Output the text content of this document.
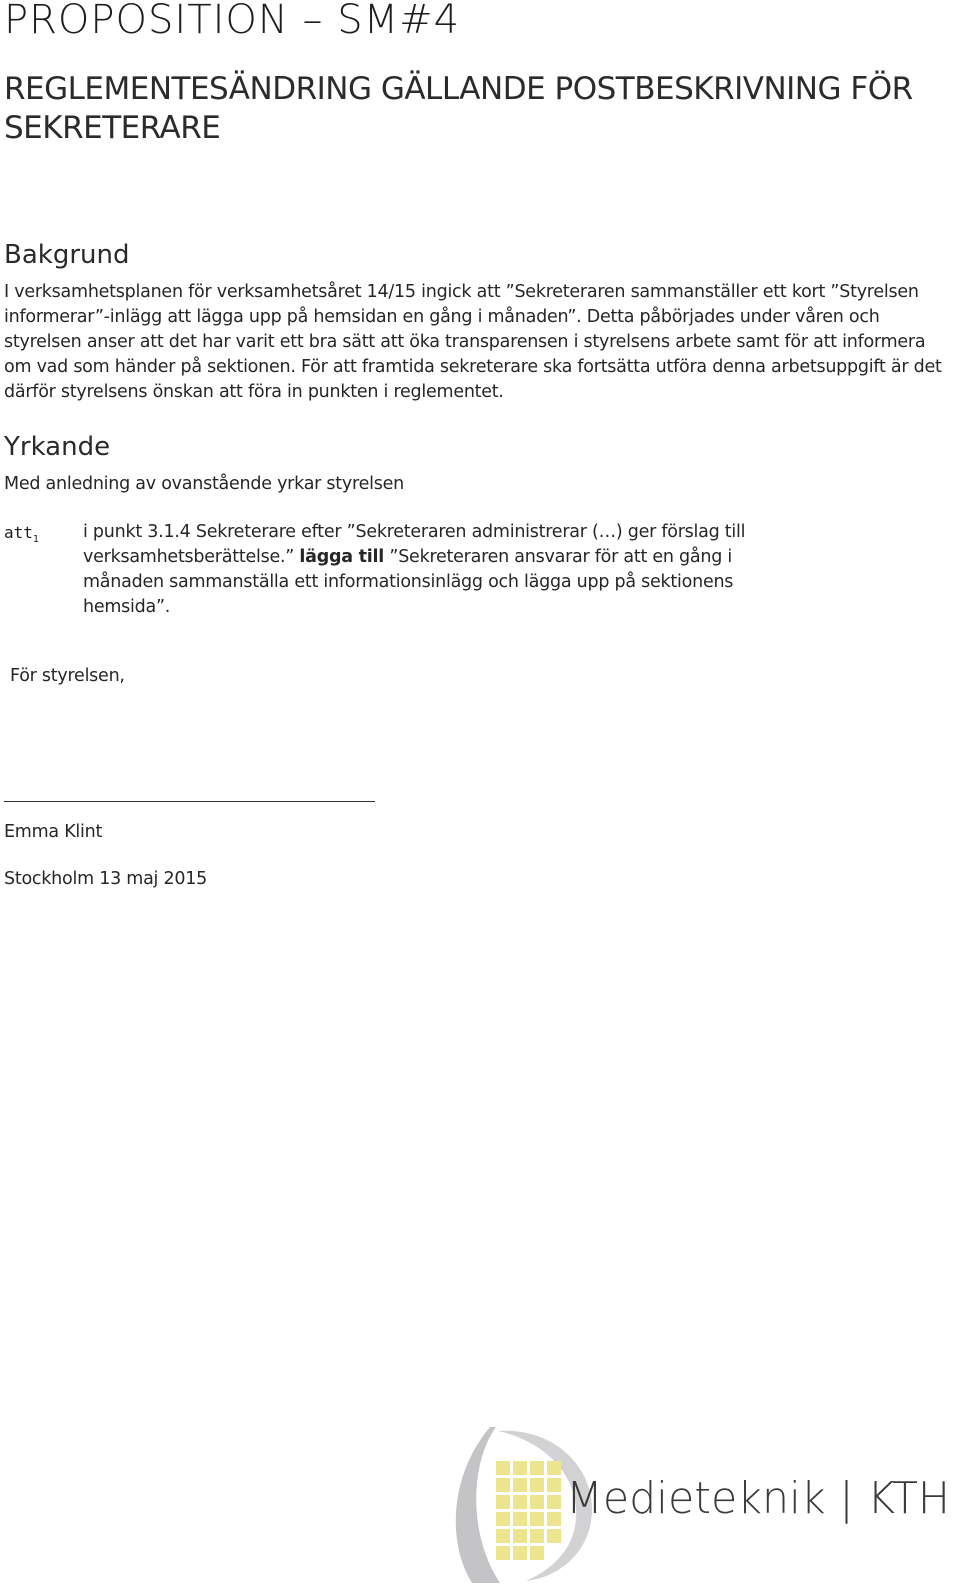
PROPOSITION – SM#4
REGLEMENTESÄNDRING GÄLLANDE POSTBESKRIVNING FÖR SEKRETERARE
Bakgrund

I verksamhetsplanen för verksamhetsåret 14/15 ingick att ”Sekreteraren sammanställer ett kort ”Styrelsen informerar”-inlägg att lägga upp på hemsidan en gång i månaden”. Detta påbörjades under våren och styrelsen anser att det har varit ett bra sätt att öka transparensen i styrelsens arbete samt för att informera om vad som händer på sektionen. För att framtida sekreterare ska fortsätta utföra denna arbetsuppgift är det därför styrelsens önskan att föra in punkten i reglementet.

Yrkande

Med anledning av ovanstående yrkar styrelsen

att$_1$	i punkt 3.1.4 Sekreterare efter ”Sekreteraren administrerar (…) ger förslag till verksamhetsberättelse.” lägga till ”Sekreteraren ansvarar för att en gång i månaden sammanställa ett informationsinlägg och lägga upp på sektionens hemsida”.

För styrelsen,

Emma Klint

Stockholm 13 maj 2015

Medieteknik | KTH
